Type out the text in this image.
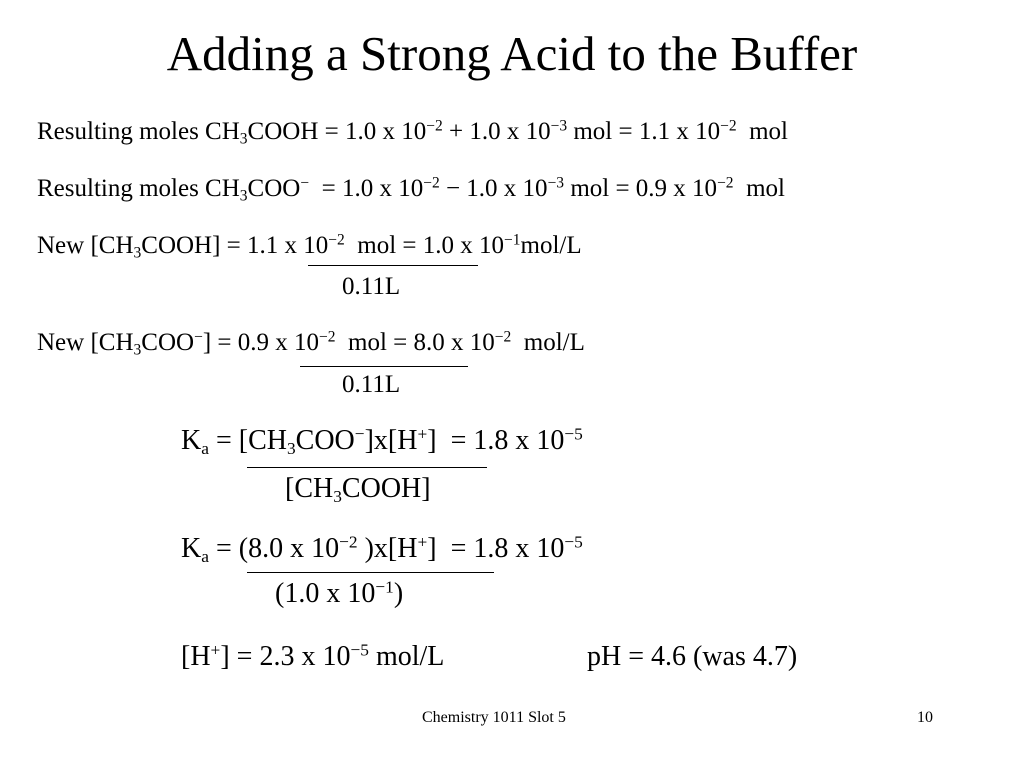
Adding a Strong Acid to the Buffer
Resulting moles $CH_3COOH = 1.0$ x $10^{-2} + 1.0$ x $10^{-3}$ mol = 1.1 x $10^{-2}$ mol
Resulting moles $CH_3COO^- = 1.0$ x $10^{-2} - 1.0$ x $10^{-3}$ mol = 0.9 x $10^{-2}$ mol
New $[CH_3COOH] = 1.1$ x $10^{-2}$ mol = 1.0 x $10^{-1}mol/L$
0.11L
New $[CH_3COO^-] = 0.9$ x $10^{-2}$ mol = 8.0 x $10^{-2}$ mol/L
0.11L
$K_a = [CH_3COO^-]x[H^+] = 1.8$ x $10^{-5}$
$[CH_3COOH]$
$K_a = (8.0$ x $10^{-2}$ )x[H+] = 1.8 x $10^{-5}$
(1.0 x $10^{-1}$)
[H+] = 2.3 x $10^{-5}$ mol/L	pH = 4.6 (was 4.7)
Chemistry 1011 Slot 5	10
